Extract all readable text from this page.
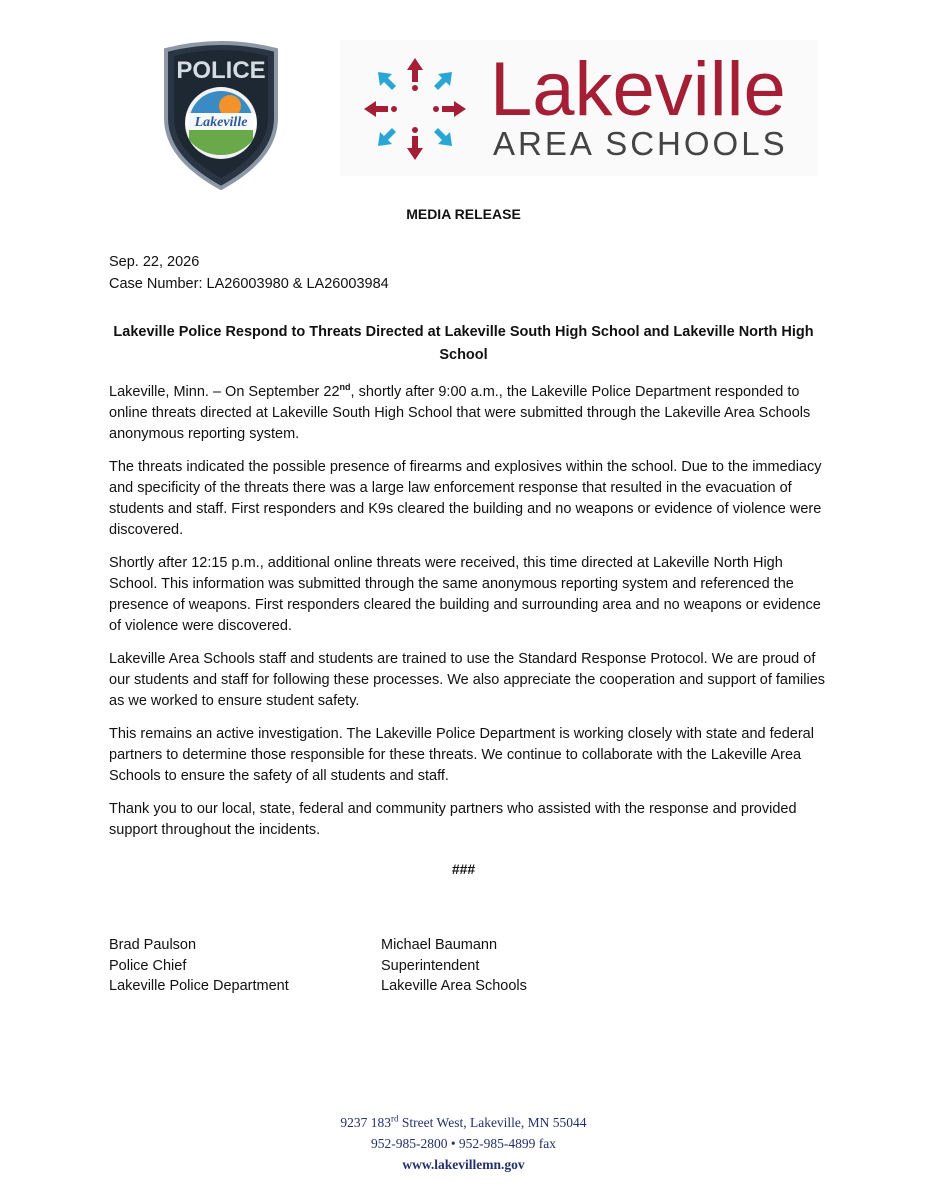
POLICE
Lakeville	Lakeville
AREA SCHOOLS
MEDIA RELEASE
Sep. 22, 2026
Case Number: LA26003980 & LA26003984
Lakeville Police Respond to Threats Directed at Lakeville South High School and Lakeville North High School

Lakeville, Minn. – On September 22nd, shortly after 9:00 a.m., the Lakeville Police Department responded to online threats directed at Lakeville South High School that were submitted through the Lakeville Area Schools anonymous reporting system.

The threats indicated the possible presence of firearms and explosives within the school. Due to the immediacy and specificity of the threats there was a large law enforcement response that resulted in the evacuation of students and staff. First responders and K9s cleared the building and no weapons or evidence of violence were discovered.

Shortly after 12:15 p.m., additional online threats were received, this time directed at Lakeville North High School. This information was submitted through the same anonymous reporting system and referenced the presence of weapons. First responders cleared the building and surrounding area and no weapons or evidence of violence were discovered.

Lakeville Area Schools staff and students are trained to use the Standard Response Protocol. We are proud of our students and staff for following these processes. We also appreciate the cooperation and support of families as we worked to ensure student safety.

This remains an active investigation. The Lakeville Police Department is working closely with state and federal partners to determine those responsible for these threats. We continue to collaborate with the Lakeville Area Schools to ensure the safety of all students and staff.

Thank you to our local, state, federal and community partners who assisted with the response and provided support throughout the incidents.

###
Brad Paulson
Police Chief
Lakeville Police Department
Michael Baumann
Superintendent
Lakeville Area Schools
9237 183rd Street West, Lakeville, MN 55044
952-985-2800 • 952-985-4899 fax
www.lakevillemn.gov
